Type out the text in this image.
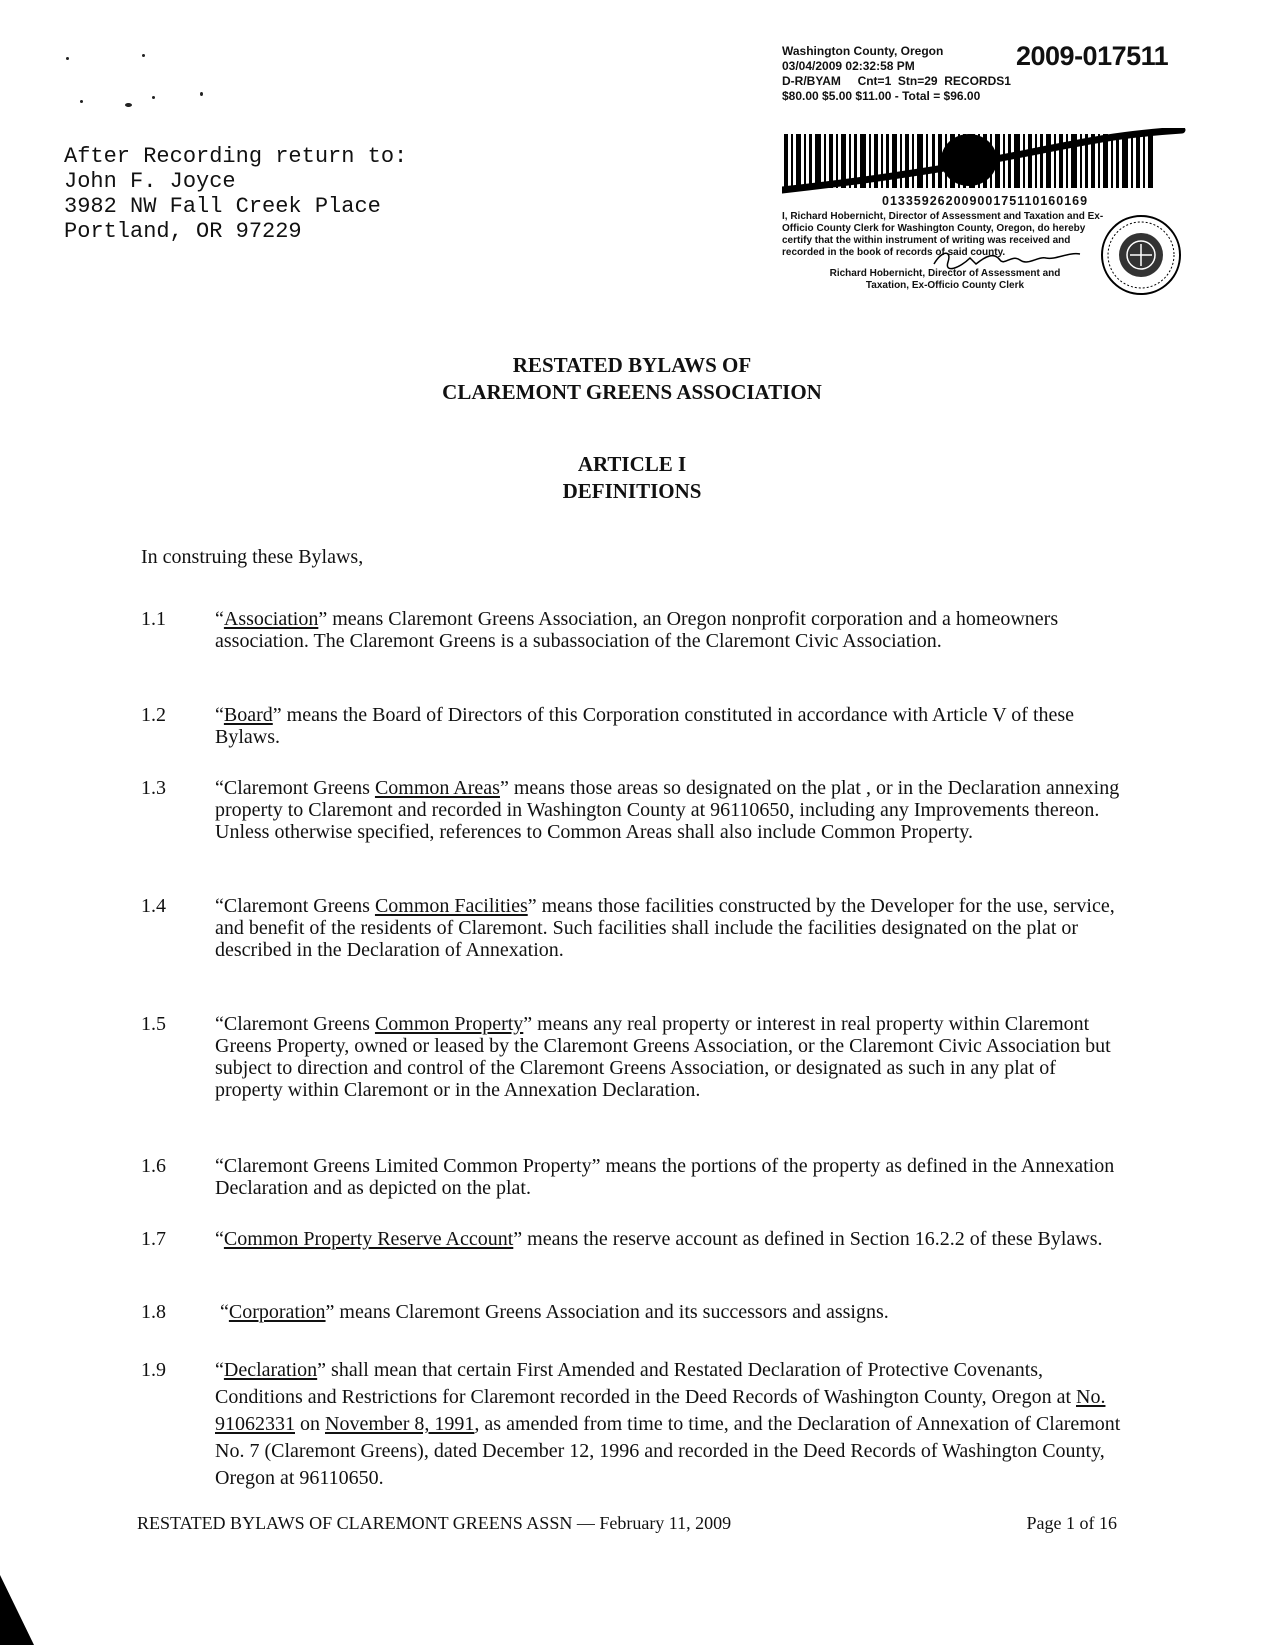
After Recording return to:
John F. Joyce
3982 NW Fall Creek Place
Portland, OR 97229
Washington County, Oregon
03/04/2009 02:32:58 PM
D-R/BYAM     Cnt=1  Stn=29  RECORDS1
$80.00 $5.00 $11.00 - Total = $96.00
2009-017511
01335926200900175110160169
I, Richard Hobernicht, Director of Assessment and Taxation and Ex-Officio County Clerk for Washington County, Oregon, do hereby certify that the within instrument of writing was received and recorded in the book of records of said county.
Richard Hobernicht, Director of Assessment and
Taxation, Ex-Officio County Clerk
RESTATED BYLAWS OF
CLAREMONT GREENS ASSOCIATION
ARTICLE I
DEFINITIONS
In construing these Bylaws,
1.1 “Association” means Claremont Greens Association, an Oregon nonprofit corporation and a homeowners association. The Claremont Greens is a subassociation of the Claremont Civic Association.
1.2 “Board” means the Board of Directors of this Corporation constituted in accordance with Article V of these Bylaws.
1.3 “Claremont Greens Common Areas” means those areas so designated on the plat , or in the Declaration annexing property to Claremont and recorded in Washington County at 96110650, including any Improvements thereon. Unless otherwise specified, references to Common Areas shall also include Common Property.
1.4 “Claremont Greens Common Facilities” means those facilities constructed by the Developer for the use, service, and benefit of the residents of Claremont. Such facilities shall include the facilities designated on the plat or described in the Declaration of Annexation.
1.5 “Claremont Greens Common Property” means any real property or interest in real property within Claremont Greens Property, owned or leased by the Claremont Greens Association, or the Claremont Civic Association but subject to direction and control of the Claremont Greens Association, or designated as such in any plat of property within Claremont or in the Annexation Declaration.
1.6 “Claremont Greens Limited Common Property” means the portions of the property as defined in the Annexation Declaration and as depicted on the plat.
1.7 “Common Property Reserve Account” means the reserve account as defined in Section 16.2.2 of these Bylaws.
1.8 “Corporation” means Claremont Greens Association and its successors and assigns.
1.9 “Declaration” shall mean that certain First Amended and Restated Declaration of Protective Covenants, Conditions and Restrictions for Claremont recorded in the Deed Records of Washington County, Oregon at No. 91062331 on November 8, 1991, as amended from time to time, and the Declaration of Annexation of Claremont No. 7 (Claremont Greens), dated December 12, 1996 and recorded in the Deed Records of Washington County, Oregon at 96110650.
RESTATED BYLAWS OF CLAREMONT GREENS ASSN — February 11, 2009	Page 1 of 16
